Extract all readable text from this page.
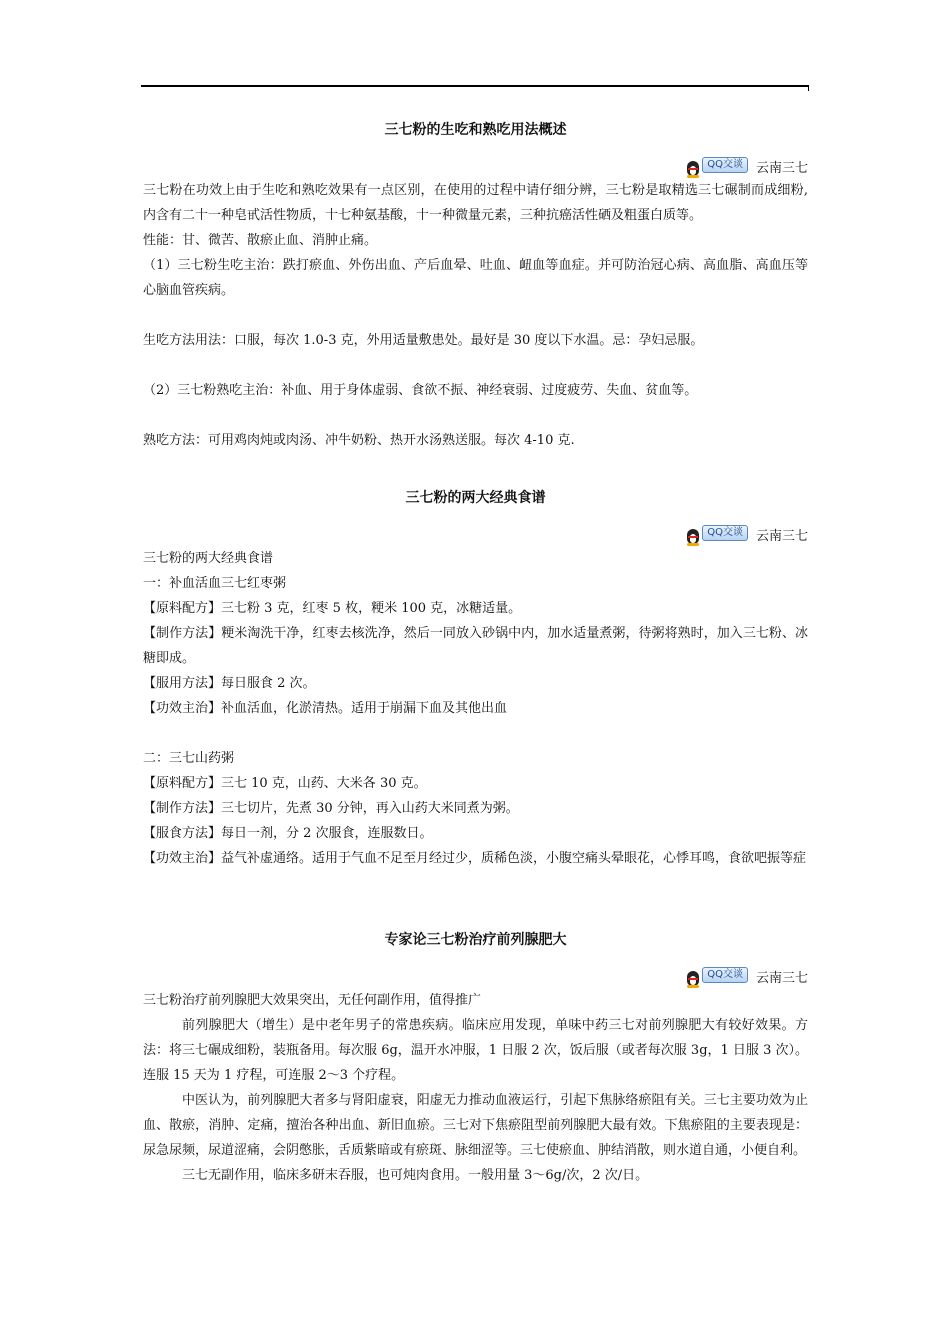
三七粉的生吃和熟吃用法概述
QQ交谈	云南三七

三七粉在功效上由于生吃和熟吃效果有一点区别，在使用的过程中请仔细分辨，三七粉是取精选三七碾制而成细粉,内含有二十一种皂甙活性物质，十七种氨基酸，十一种微量元素，三种抗癌活性硒及粗蛋白质等。

性能：甘、微苦、散瘀止血、消肿止痛。

（1）三七粉生吃主治：跌打瘀血、外伤出血、产后血晕、吐血、衄血等血症。并可防治冠心病、高血脂、高血压等心脑血管疾病。

生吃方法用法：口服，每次 1.0-3 克，外用适量敷患处。最好是 30 度以下水温。忌：孕妇忌服。

（2）三七粉熟吃主治：补血、用于身体虚弱、食欲不振、神经衰弱、过度疲劳、失血、贫血等。

熟吃方法：可用鸡肉炖或肉汤、冲牛奶粉、热开水汤熟送服。每次 4-10 克.

三七粉的两大经典食谱
QQ交谈	云南三七

三七粉的两大经典食谱

一：补血活血三七红枣粥

【原料配方】三七粉 3 克，红枣 5 枚，粳米 100 克，冰糖适量。

【制作方法】粳米淘洗干净，红枣去核洗净，然后一同放入砂锅中内，加水适量煮粥，待粥将熟时，加入三七粉、冰糖即成。

【服用方法】每日服食 2 次。

【功效主治】补血活血，化淤清热。适用于崩漏下血及其他出血

二：三七山药粥

【原料配方】三七 10 克，山药、大米各 30 克。

【制作方法】三七切片，先煮 30 分钟，再入山药大米同煮为粥。

【服食方法】每日一剂，分 2 次服食，连服数日。

【功效主治】益气补虚通络。适用于气血不足至月经过少，质稀色淡，小腹空痛头晕眼花，心悸耳鸣，食欲吧振等症

专家论三七粉治疗前列腺肥大
QQ交谈	云南三七

三七粉治疗前列腺肥大效果突出，无任何副作用，值得推广

前列腺肥大（增生）是中老年男子的常患疾病。临床应用发现，单味中药三七对前列腺肥大有较好效果。方法：将三七碾成细粉，装瓶备用。每次服 6g，温开水冲服，1 日服 2 次，饭后服（或者每次服 3g，1 日服 3 次）。连服 15 天为 1 疗程，可连服 2～3 个疗程。

中医认为，前列腺肥大者多与肾阳虚衰，阳虚无力推动血液运行，引起下焦脉络瘀阻有关。三七主要功效为止血、散瘀，消肿、定痛，擅治各种出血、新旧血瘀。三七对下焦瘀阻型前列腺肥大最有效。下焦瘀阻的主要表现是：尿急尿频，尿道涩痛，会阴憋胀，舌质紫暗或有瘀斑、脉细涩等。三七使瘀血、肿结消散，则水道自通，小便自利。

三七无副作用，临床多研末吞服，也可炖肉食用。一般用量 3～6g/次，2 次/日。
